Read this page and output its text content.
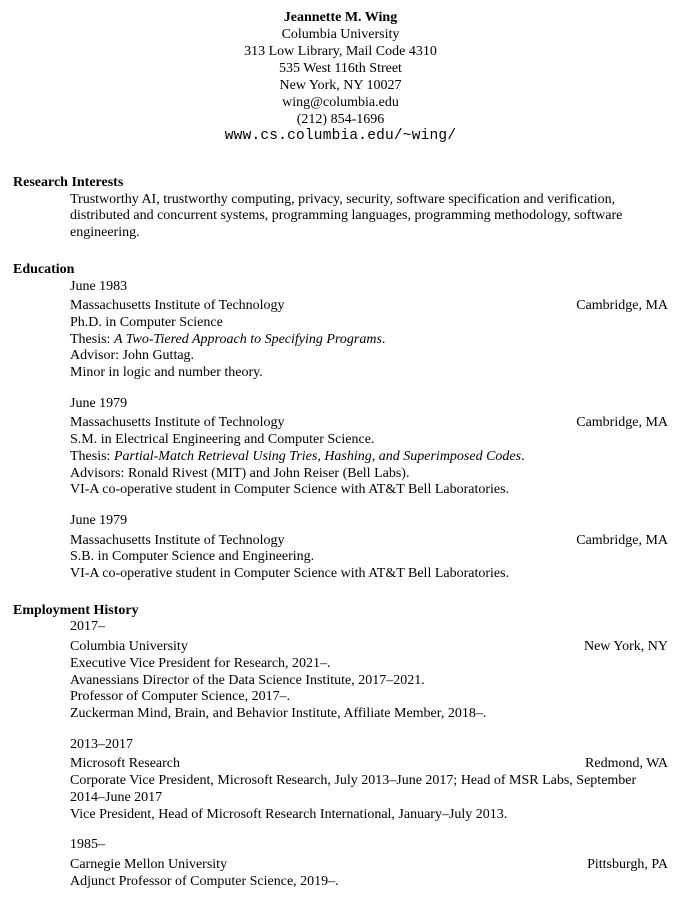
Jeannette M. Wing
Columbia University
313 Low Library, Mail Code 4310
535 West 116th Street
New York, NY 10027
wing@columbia.edu
(212) 854-1696
www.cs.columbia.edu/~wing/
Research Interests

Trustworthy AI, trustworthy computing, privacy, security, software specification and verification, distributed and concurrent systems, programming languages, programming methodology, software engineering.

Education
June 1983
Massachusetts Institute of Technology	Cambridge, MA
Ph.D. in Computer Science
Thesis: A Two-Tiered Approach to Specifying Programs.
Advisor: John Guttag.
Minor in logic and number theory.
June 1979
Massachusetts Institute of Technology	Cambridge, MA
S.M. in Electrical Engineering and Computer Science.
Thesis: Partial-Match Retrieval Using Tries, Hashing, and Superimposed Codes.
Advisors: Ronald Rivest (MIT) and John Reiser (Bell Labs).
VI-A co-operative student in Computer Science with AT&T Bell Laboratories.
June 1979
Massachusetts Institute of Technology	Cambridge, MA
S.B. in Computer Science and Engineering.
VI-A co-operative student in Computer Science with AT&T Bell Laboratories.
Employment History
2017–
Columbia University	New York, NY
Executive Vice President for Research, 2021–.
Avanessians Director of the Data Science Institute, 2017–2021.
Professor of Computer Science, 2017–.
Zuckerman Mind, Brain, and Behavior Institute, Affiliate Member, 2018–.
2013–2017
Microsoft Research	Redmond, WA
Corporate Vice President, Microsoft Research, July 2013–June 2017; Head of MSR Labs, September 2014–June 2017
Vice President, Head of Microsoft Research International, January–July 2013.
1985–
Carnegie Mellon University	Pittsburgh, PA
Adjunct Professor of Computer Science, 2019–.
